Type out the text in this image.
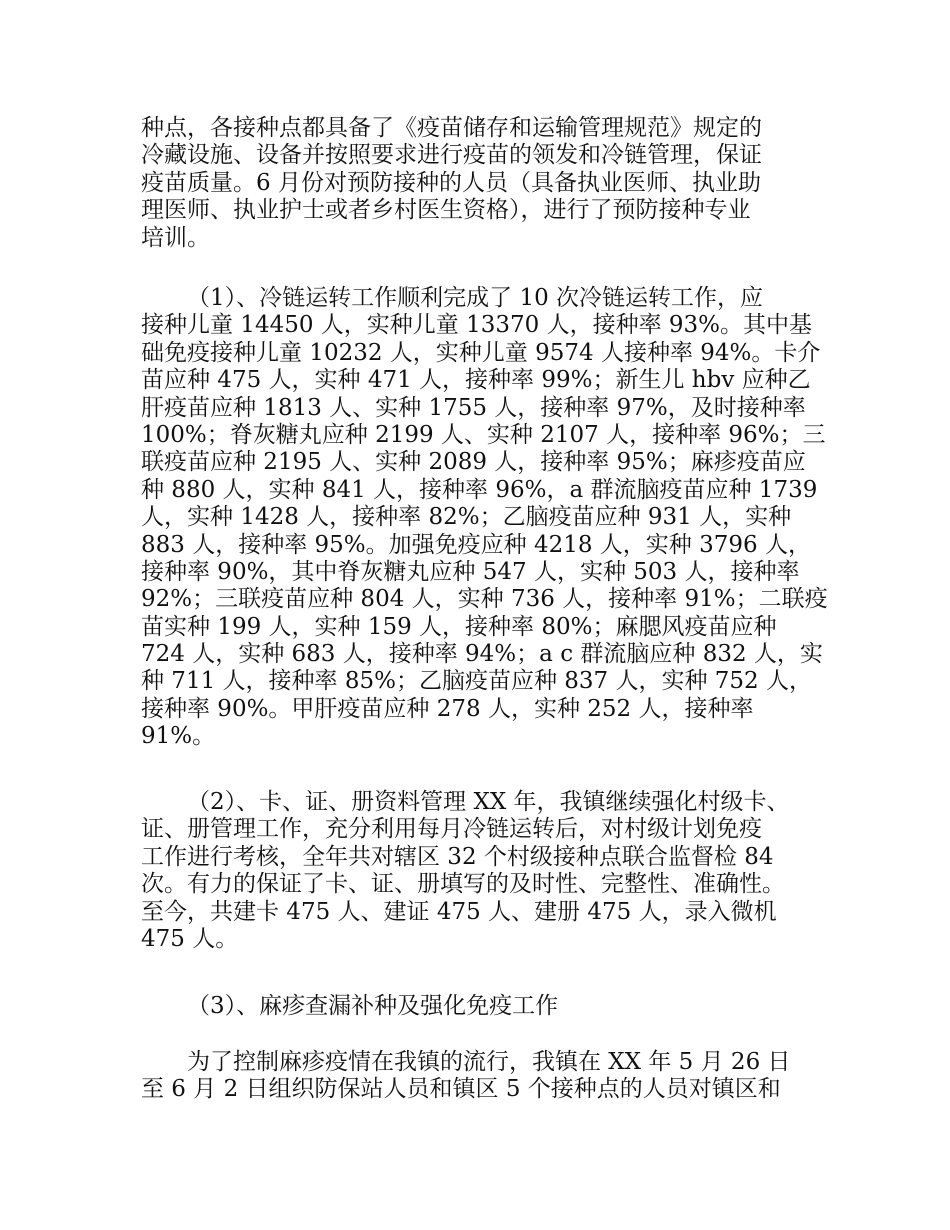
种点，各接种点都具备了《疫苗储存和运输管理规范》规定的
冷藏设施、设备并按照要求进行疫苗的领发和冷链管理，保证
疫苗质量。6 月份对预防接种的人员（具备执业医师、执业助
理医师、执业护士或者乡村医生资格），进行了预防接种专业
培训。
（1）、冷链运转工作顺利完成了 10 次冷链运转工作，应
接种儿童 14450 人，实种儿童 13370 人，接种率 93%。其中基
础免疫接种儿童 10232 人，实种儿童 9574 人接种率 94%。卡介
苗应种 475 人，实种 471 人，接种率 99%；新生儿 hbv 应种乙
肝疫苗应种 1813 人、实种 1755 人，接种率 97%，及时接种率
100%；脊灰糖丸应种 2199 人、实种 2107 人，接种率 96%；三
联疫苗应种 2195 人、实种 2089 人，接种率 95%；麻疹疫苗应
种 880 人，实种 841 人，接种率 96%，a 群流脑疫苗应种 1739
人，实种 1428 人，接种率 82%；乙脑疫苗应种 931 人，实种
883 人，接种率 95%。加强免疫应种 4218 人，实种 3796 人，
接种率 90%，其中脊灰糖丸应种 547 人，实种 503 人，接种率
92%；三联疫苗应种 804 人，实种 736 人，接种率 91%；二联疫
苗实种 199 人，实种 159 人，接种率 80%；麻腮风疫苗应种
724 人，实种 683 人，接种率 94%；a c 群流脑应种 832 人，实
种 711 人，接种率 85%；乙脑疫苗应种 837 人，实种 752 人，
接种率 90%。甲肝疫苗应种 278 人，实种 252 人，接种率
91%。
（2）、卡、证、册资料管理 XX 年，我镇继续强化村级卡、
证、册管理工作，充分利用每月冷链运转后，对村级计划免疫
工作进行考核，全年共对辖区 32 个村级接种点联合监督检 84
次。有力的保证了卡、证、册填写的及时性、完整性、准确性。
至今，共建卡 475 人、建证 475 人、建册 475 人，录入微机
475 人。
（3）、麻疹查漏补种及强化免疫工作
为了控制麻疹疫情在我镇的流行，我镇在 XX 年 5 月 26 日
至 6 月 2 日组织防保站人员和镇区 5 个接种点的人员对镇区和
